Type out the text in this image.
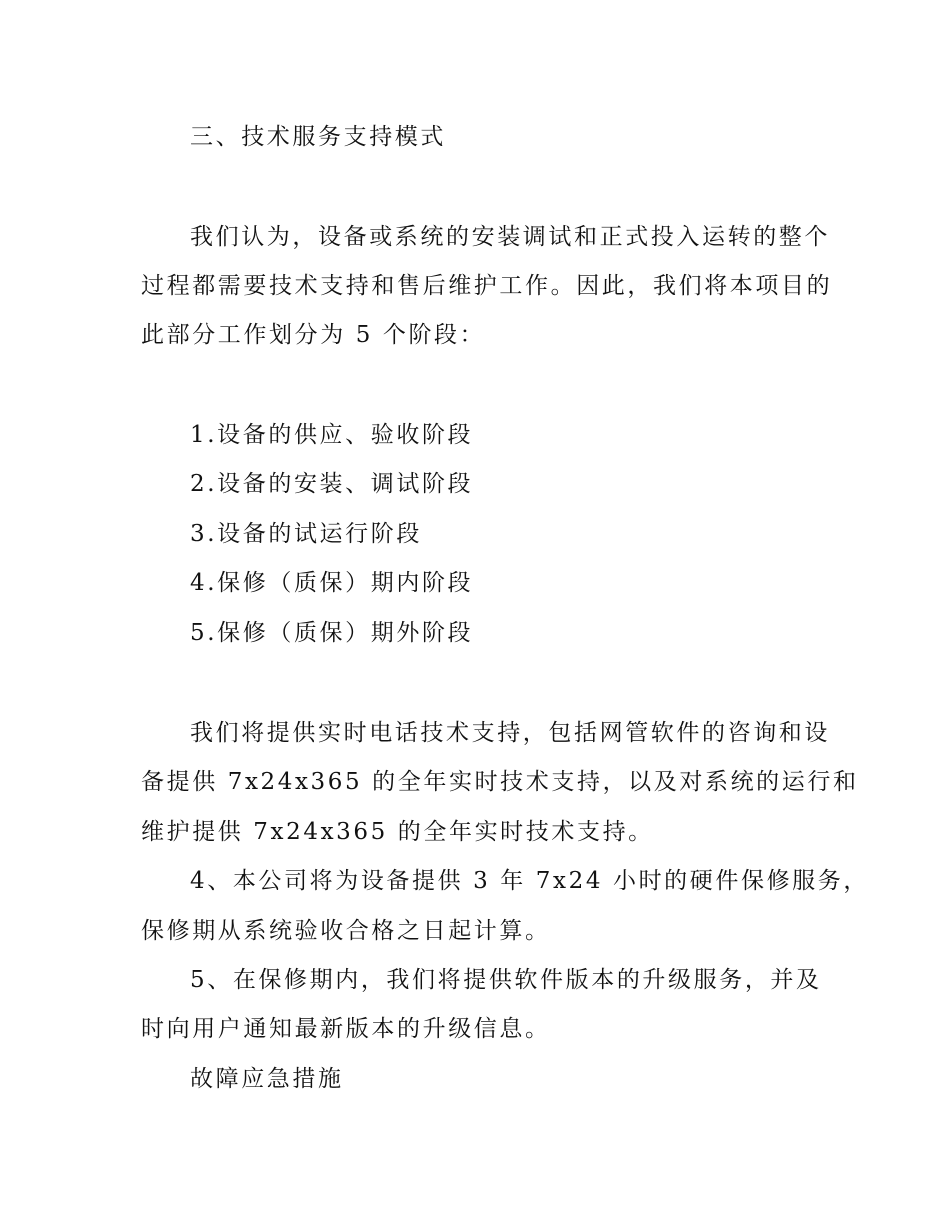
三、技术服务支持模式
我们认为，设备或系统的安装调试和正式投入运转的整个
过程都需要技术支持和售后维护工作。因此，我们将本项目的
此部分工作划分为 5 个阶段：
1.设备的供应、验收阶段
2.设备的安装、调试阶段
3.设备的试运行阶段
4.保修（质保）期内阶段
5.保修（质保）期外阶段
我们将提供实时电话技术支持，包括网管软件的咨询和设
备提供 7x24x365 的全年实时技术支持，以及对系统的运行和
维护提供 7x24x365 的全年实时技术支持。
4、本公司将为设备提供 3 年 7x24 小时的硬件保修服务，
保修期从系统验收合格之日起计算。
5、在保修期内，我们将提供软件版本的升级服务，并及
时向用户通知最新版本的升级信息。
故障应急措施
